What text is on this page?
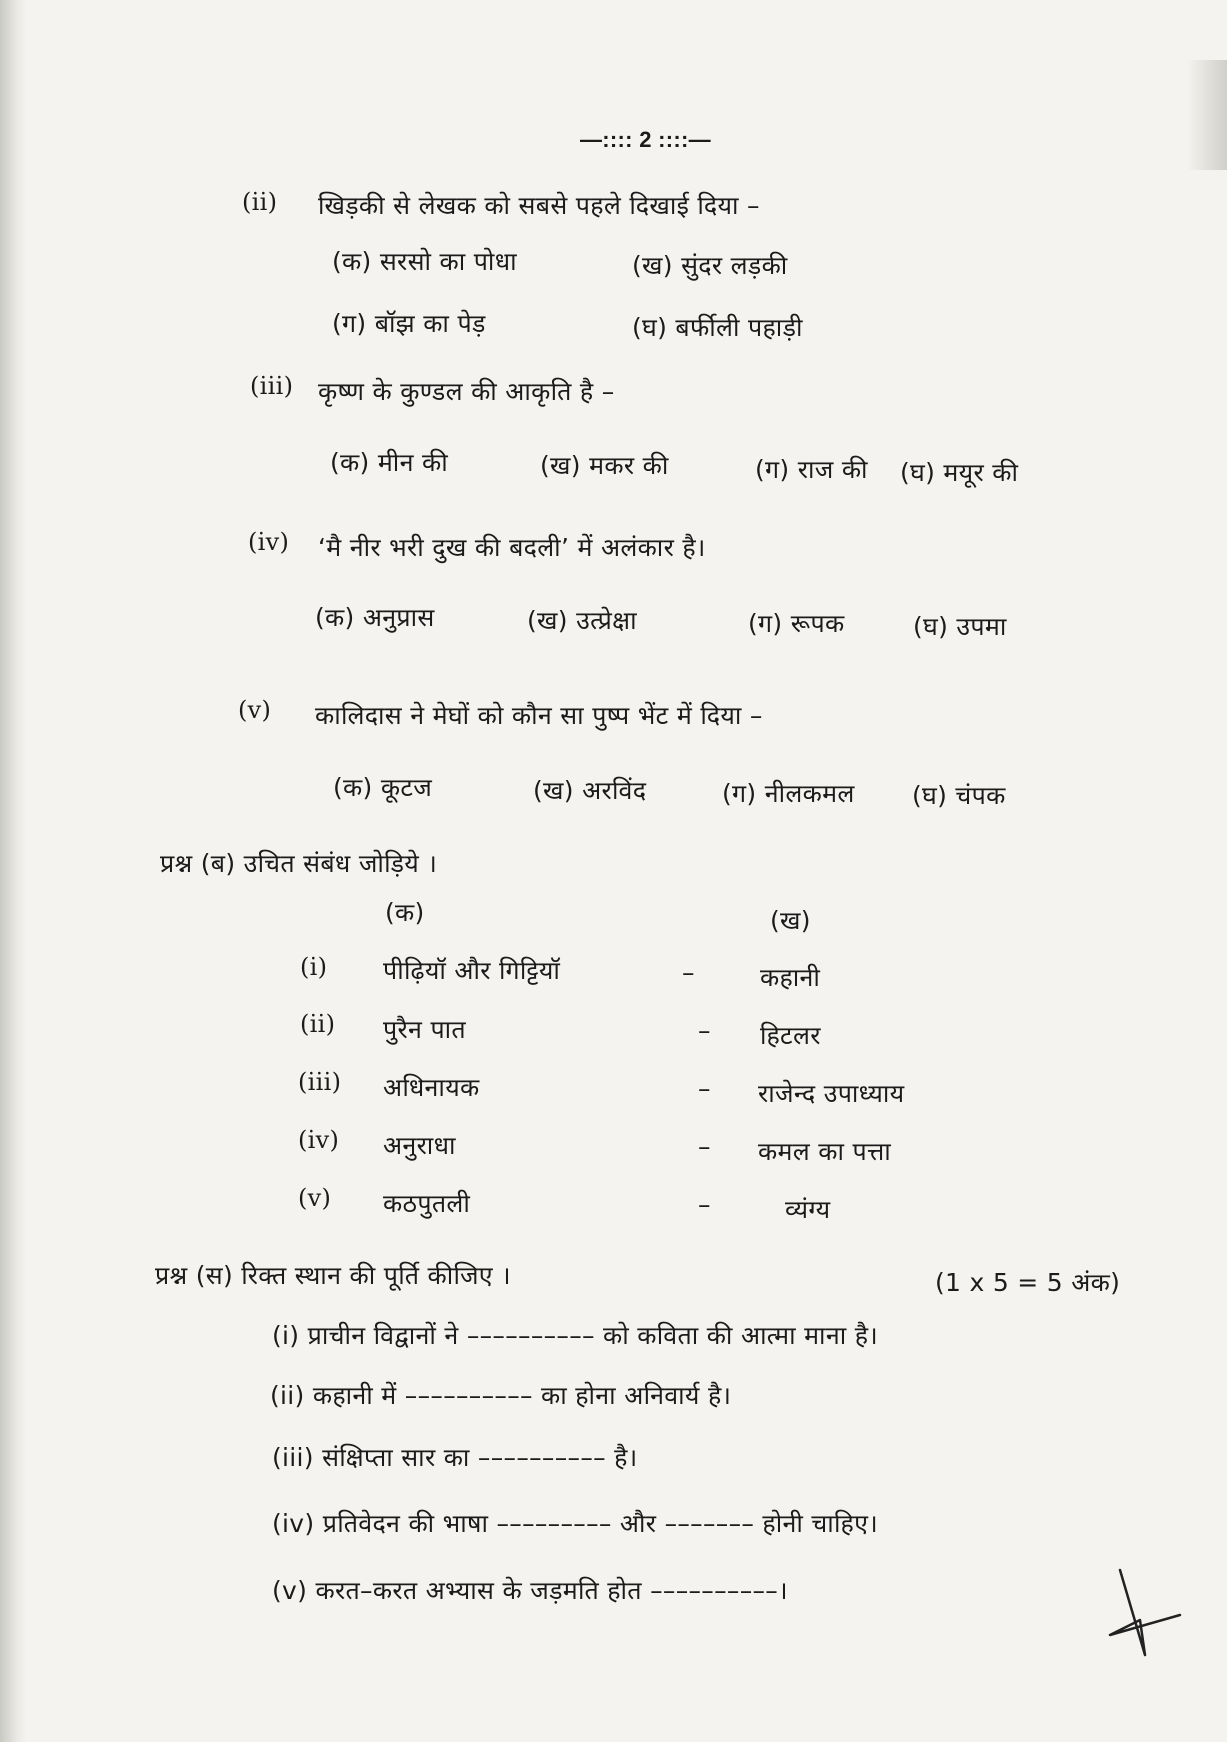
—:::: 2 ::::—
(ii) खिड़की से लेखक को सबसे पहले दिखाई दिया –
(क) सरसो का पोधा	(ख) सुंदर लड़की
(ग) बॉझ का पेड़	(घ) बर्फीली पहाड़ी
(iii) कृष्ण के कुण्डल की आकृति है –
(क) मीन की	(ख) मकर की	(ग) राज की (घ) मयूर की
(iv) ‘मै नीर भरी दुख की बदली’ में अलंकार है।
(क) अनुप्रास	(ख) उत्प्रेक्षा	(ग) रूपक	(घ) उपमा
(v) कालिदास ने मेघों को कौन सा पुष्प भेंट में दिया –
(क) कूटज	(ख) अरविंद	(ग) नीलकमल (घ) चंपक
प्रश्न (ब) उचित संबंध जोड़िये ।
(क)	(ख)
(i) पीढ़ियॉ और गिट्टियॉ	–	कहानी
(ii) पुरैन पात	– हिटलर
(iii) अधिनायक	– राजेन्द उपाध्याय
(iv) अनुराधा	– कमल का पत्ता
(v) कठपुतली	–	व्यंग्य
प्रश्न (स) रिक्त स्थान की पूर्ति कीजिए ।	(1 x 5 = 5 अंक)
(i) प्राचीन विद्वानों ने –––––––––– को कविता की आत्मा माना है।
(ii) कहानी में –––––––––– का होना अनिवार्य है।
(iii) संक्षिप्ता सार का –––––––––– है।
(iv) प्रतिवेदन की भाषा ––––––––– और ––––––– होनी चाहिए।
(v) करत–करत अभ्यास के जड़मति होत ––––––––––।
